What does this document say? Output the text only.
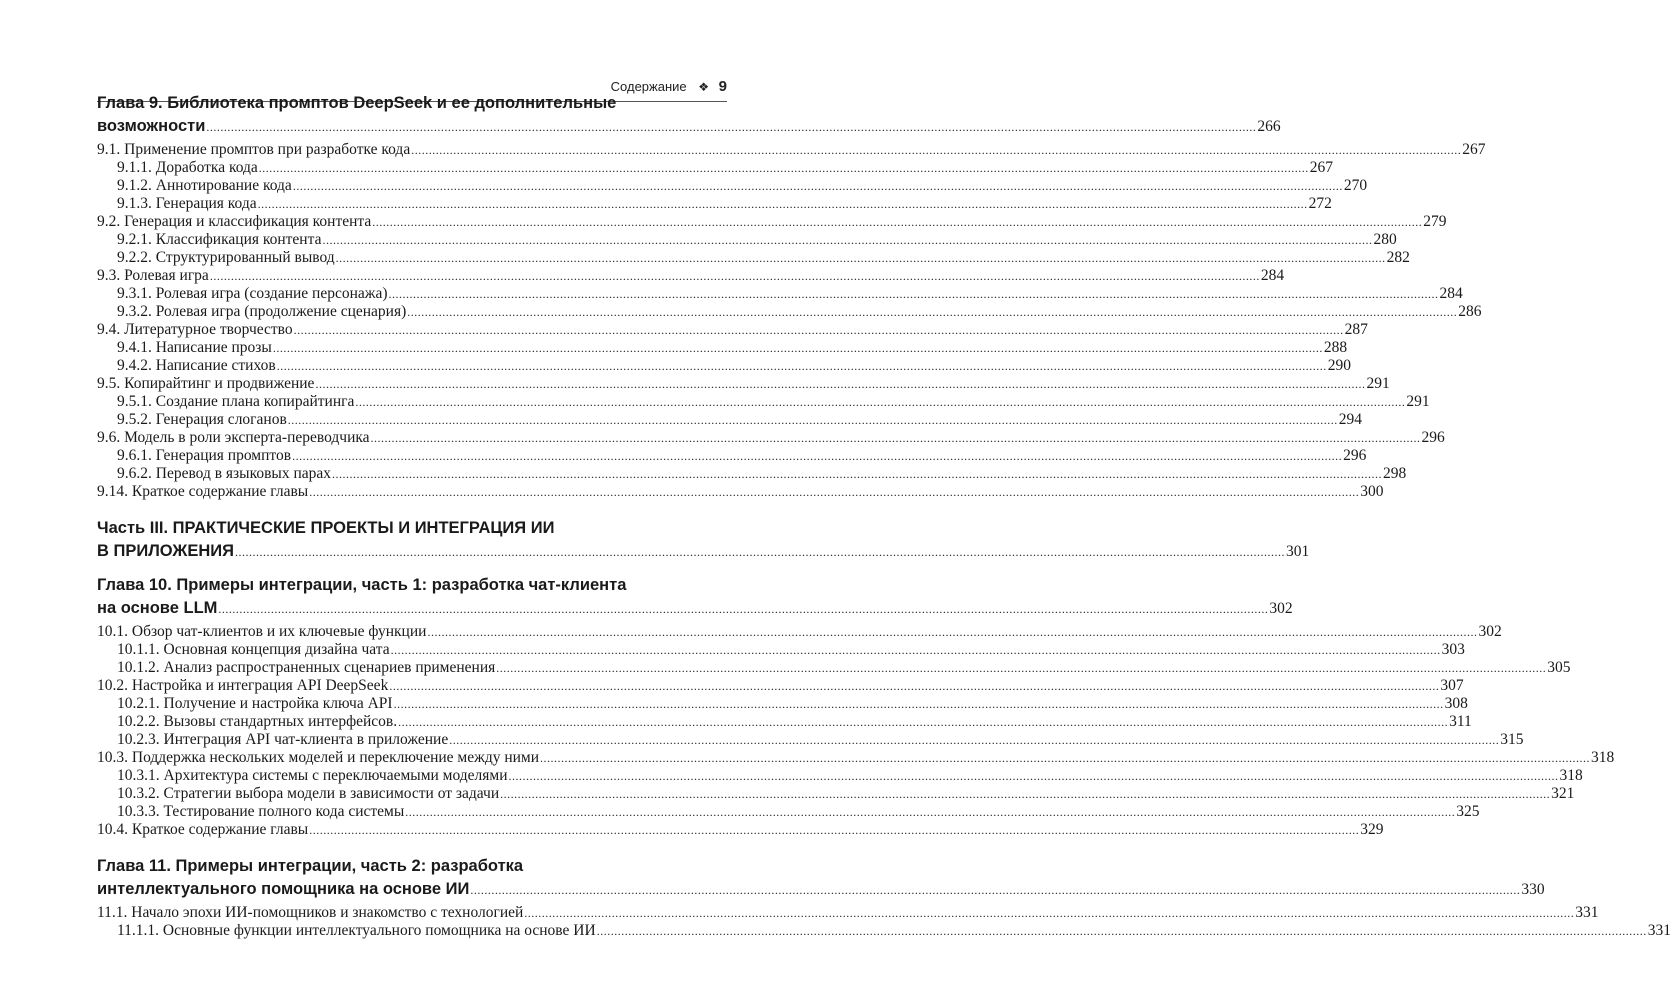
Содержание ❖ 9
Глава 9. Библиотека промптов DeepSeek и ее дополнительные
возможности ............................................................................................................................................................................................................................................................................................................ 266
9.1. Применение промптов при разработке кода ............................................................................................................................................................................................................................................................................................................ 267
9.1.1. Доработка кода ............................................................................................................................................................................................................................................................................................................ 267
9.1.2. Аннотирование кода ............................................................................................................................................................................................................................................................................................................ 270
9.1.3. Генерация кода ............................................................................................................................................................................................................................................................................................................ 272
9.2. Генерация и классификация контента ............................................................................................................................................................................................................................................................................................................ 279
9.2.1. Классификация контента ............................................................................................................................................................................................................................................................................................................ 280
9.2.2. Структурированный вывод ............................................................................................................................................................................................................................................................................................................ 282
9.3. Ролевая игра ............................................................................................................................................................................................................................................................................................................ 284
9.3.1. Ролевая игра (создание персонажа) ............................................................................................................................................................................................................................................................................................................ 284
9.3.2. Ролевая игра (продолжение сценария) ............................................................................................................................................................................................................................................................................................................ 286
9.4. Литературное творчество ............................................................................................................................................................................................................................................................................................................ 287
9.4.1. Написание прозы ............................................................................................................................................................................................................................................................................................................ 288
9.4.2. Написание стихов ............................................................................................................................................................................................................................................................................................................ 290
9.5. Копирайтинг и продвижение ............................................................................................................................................................................................................................................................................................................ 291
9.5.1. Создание плана копирайтинга ............................................................................................................................................................................................................................................................................................................ 291
9.5.2. Генерация слоганов ............................................................................................................................................................................................................................................................................................................ 294
9.6. Модель в роли эксперта-переводчика ............................................................................................................................................................................................................................................................................................................ 296
9.6.1. Генерация промптов ............................................................................................................................................................................................................................................................................................................ 296
9.6.2. Перевод в языковых парах ............................................................................................................................................................................................................................................................................................................ 298
9.14. Краткое содержание главы ............................................................................................................................................................................................................................................................................................................ 300
Часть III. ПРАКТИЧЕСКИЕ ПРОЕКТЫ И ИНТЕГРАЦИЯ ИИ
В ПРИЛОЖЕНИЯ ............................................................................................................................................................................................................................................................................................................ 301
Глава 10. Примеры интеграции, часть 1: разработка чат-клиента
на основе LLM ............................................................................................................................................................................................................................................................................................................ 302
10.1. Обзор чат-клиентов и их ключевые функции ............................................................................................................................................................................................................................................................................................................ 302
10.1.1. Основная концепция дизайна чата ............................................................................................................................................................................................................................................................................................................ 303
10.1.2. Анализ распространенных сценариев применения ............................................................................................................................................................................................................................................................................................................ 305
10.2. Настройка и интеграция API DeepSeek ............................................................................................................................................................................................................................................................................................................ 307
10.2.1. Получение и настройка ключа API ............................................................................................................................................................................................................................................................................................................ 308
10.2.2. Вызовы стандартных интерфейсов. ............................................................................................................................................................................................................................................................................................................ 311
10.2.3. Интеграция API чат-клиента в приложение ............................................................................................................................................................................................................................................................................................................ 315
10.3. Поддержка нескольких моделей и переключение между ними ............................................................................................................................................................................................................................................................................................................ 318
10.3.1. Архитектура системы с переключаемыми моделями ............................................................................................................................................................................................................................................................................................................ 318
10.3.2. Стратегии выбора модели в зависимости от задачи ............................................................................................................................................................................................................................................................................................................ 321
10.3.3. Тестирование полного кода системы ............................................................................................................................................................................................................................................................................................................ 325
10.4. Краткое содержание главы ............................................................................................................................................................................................................................................................................................................ 329
Глава 11. Примеры интеграции, часть 2: разработка
интеллектуального помощника на основе ИИ ............................................................................................................................................................................................................................................................................................................ 330
11.1. Начало эпохи ИИ-помощников и знакомство с технологией ............................................................................................................................................................................................................................................................................................................ 331
11.1.1. Основные функции интеллектуального помощника на основе ИИ ............................................................................................................................................................................................................................................................................................................ 331
